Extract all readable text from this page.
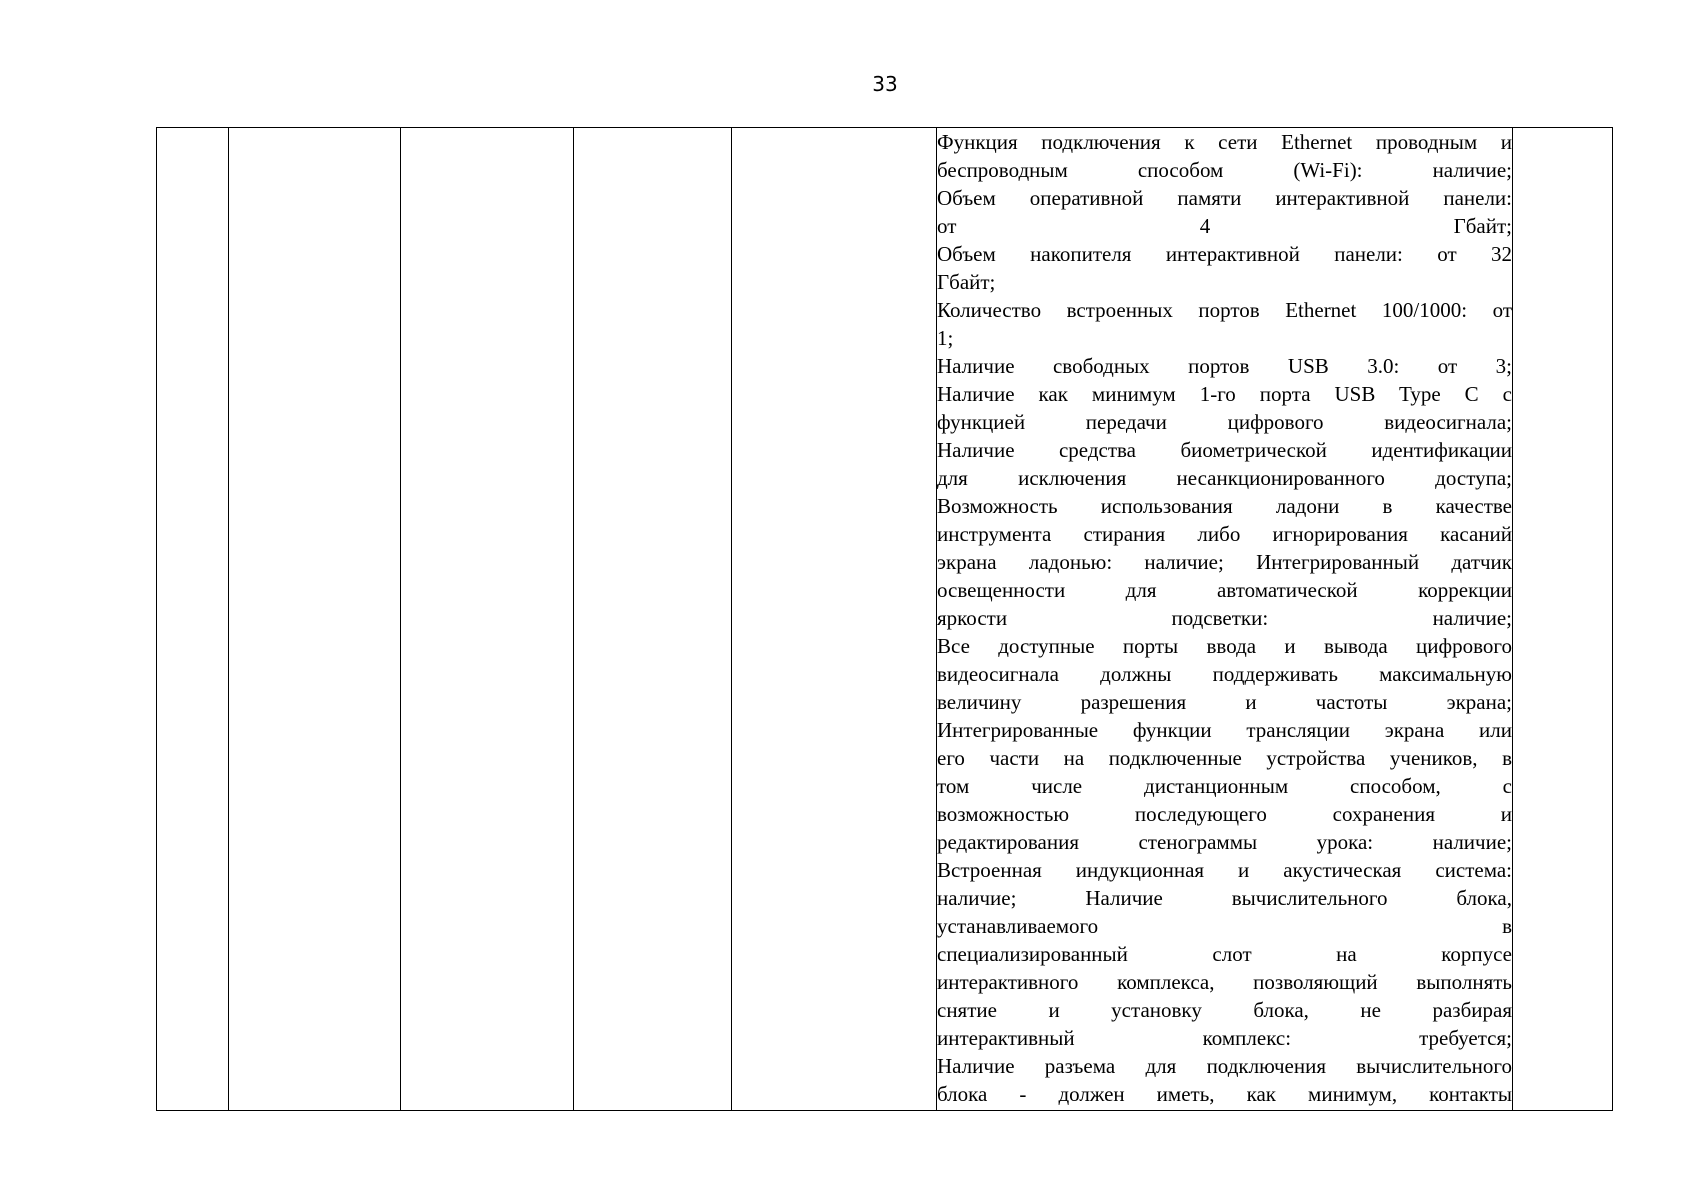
33

Функция подключения к сети Ethernet проводным и
беспроводным способом (Wi-Fi): наличие;
Объем оперативной памяти интерактивной панели:
от 4 Гбайт;
Объем накопителя интерактивной панели: от 32
Гбайт;
Количество встроенных портов Ethernet 100/1000: от
1;
Наличие свободных портов USB 3.0: от 3;
Наличие как минимум 1-го порта USB Type C с
функцией передачи цифрового видеосигнала;
Наличие средства биометрической идентификации
для исключения несанкционированного доступа;
Возможность использования ладони в качестве
инструмента стирания либо игнорирования касаний
экрана ладонью: наличие; Интегрированный датчик
освещенности для автоматической коррекции
яркости подсветки: наличие;
Все доступные порты ввода и вывода цифрового
видеосигнала должны поддерживать максимальную
величину разрешения и частоты экрана;
Интегрированные функции трансляции экрана или
его части на подключенные устройства учеников, в
том числе дистанционным способом, с
возможностью последующего сохранения и
редактирования стенограммы урока: наличие;
Встроенная индукционная и акустическая система:
наличие; Наличие вычислительного блока,
устанавливаемого в
специализированный слот на корпусе
интерактивного комплекса, позволяющий выполнять
снятие и установку блока, не разбирая
интерактивный комплекс: требуется;
Наличие разъема для подключения вычислительного
блока - должен иметь, как минимум, контакты
